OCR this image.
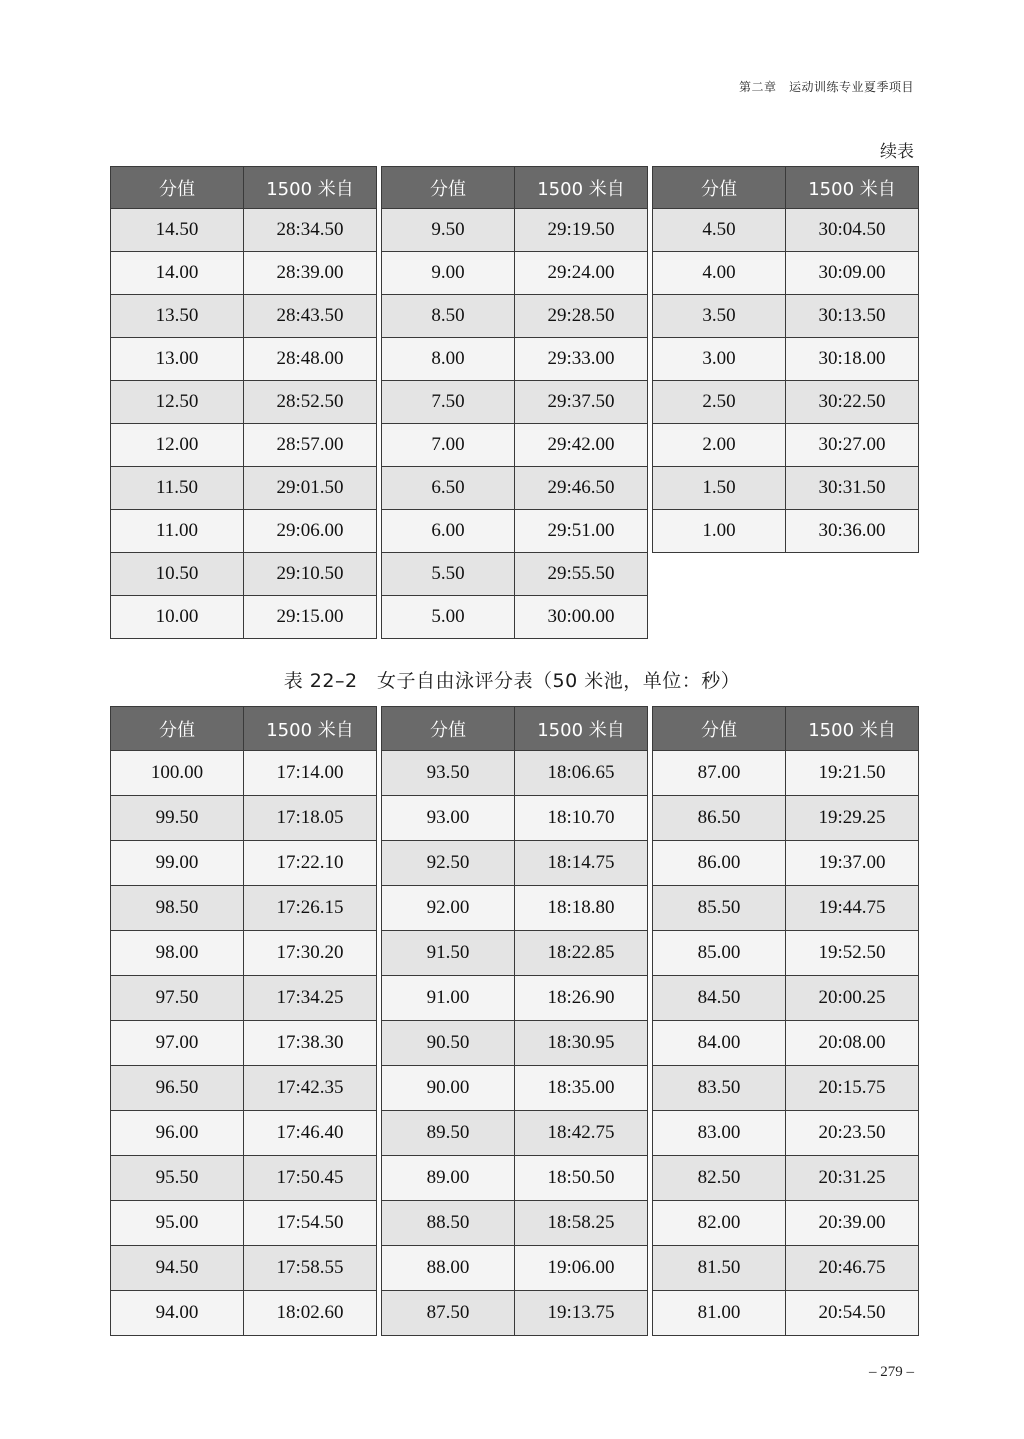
第二章　运动训练专业夏季项目
续表
分值	1500 米自
14.50	28:34.50
14.00	28:39.00
13.50	28:43.50
13.00	28:48.00
12.50	28:52.50
12.00	28:57.00
11.50	29:01.50
11.00	29:06.00
10.50	29:10.50
10.00	29:15.00
分值	1500 米自
9.50	29:19.50
9.00	29:24.00
8.50	29:28.50
8.00	29:33.00
7.50	29:37.50
7.00	29:42.00
6.50	29:46.50
6.00	29:51.00
5.50	29:55.50
5.00	30:00.00
分值	1500 米自
4.50	30:04.50
4.00	30:09.00
3.50	30:13.50
3.00	30:18.00
2.50	30:22.50
2.00	30:27.00
1.50	30:31.50
1.00	30:36.00
表 22–2　女子自由泳评分表（50 米池，单位：秒）
分值	1500 米自
100.00	17:14.00
99.50	17:18.05
99.00	17:22.10
98.50	17:26.15
98.00	17:30.20
97.50	17:34.25
97.00	17:38.30
96.50	17:42.35
96.00	17:46.40
95.50	17:50.45
95.00	17:54.50
94.50	17:58.55
94.00	18:02.60
分值	1500 米自
93.50	18:06.65
93.00	18:10.70
92.50	18:14.75
92.00	18:18.80
91.50	18:22.85
91.00	18:26.90
90.50	18:30.95
90.00	18:35.00
89.50	18:42.75
89.00	18:50.50
88.50	18:58.25
88.00	19:06.00
87.50	19:13.75
分值	1500 米自
87.00	19:21.50
86.50	19:29.25
86.00	19:37.00
85.50	19:44.75
85.00	19:52.50
84.50	20:00.25
84.00	20:08.00
83.50	20:15.75
83.00	20:23.50
82.50	20:31.25
82.00	20:39.00
81.50	20:46.75
81.00	20:54.50
– 279 –
